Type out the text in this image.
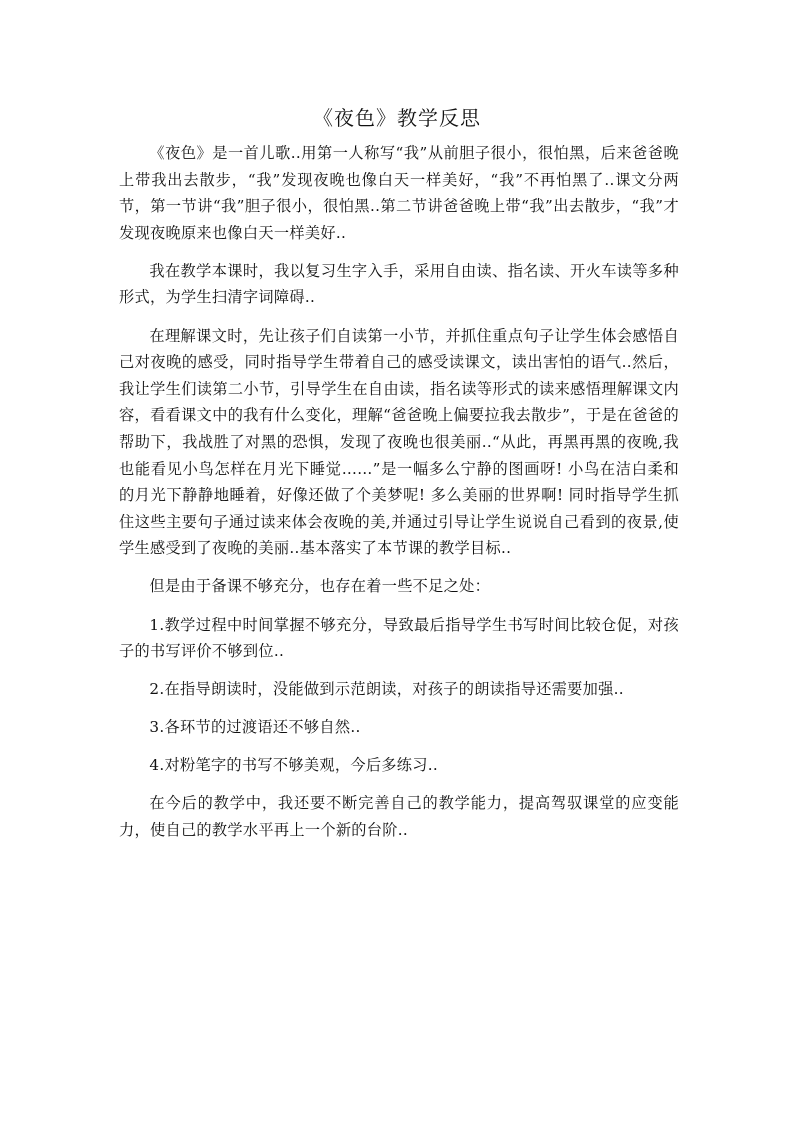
《夜色》教学反思

《夜色》是一首儿歌..用第一人称写“我”从前胆子很小，很怕黑，后来爸爸晚上带我出去散步，“我”发现夜晚也像白天一样美好，“我”不再怕黑了..课文分两节，第一节讲“我”胆子很小，很怕黑..第二节讲爸爸晚上带“我”出去散步，“我”才发现夜晚原来也像白天一样美好..

我在教学本课时，我以复习生字入手，采用自由读、指名读、开火车读等多种形式，为学生扫清字词障碍..

在理解课文时，先让孩子们自读第一小节，并抓住重点句子让学生体会感悟自己对夜晚的感受，同时指导学生带着自己的感受读课文，读出害怕的语气..然后，我让学生们读第二小节，引导学生在自由读，指名读等形式的读来感悟理解课文内容，看看课文中的我有什么变化，理解“爸爸晚上偏要拉我去散步”，于是在爸爸的帮助下，我战胜了对黑的恐惧，发现了夜晚也很美丽..“从此，再黑再黑的夜晚,我也能看见小鸟怎样在月光下睡觉……”是一幅多么宁静的图画呀! 小鸟在洁白柔和的月光下静静地睡着，好像还做了个美梦呢! 多么美丽的世界啊! 同时指导学生抓住这些主要句子通过读来体会夜晚的美,并通过引导让学生说说自己看到的夜景,使学生感受到了夜晚的美丽..基本落实了本节课的教学目标..

但是由于备课不够充分，也存在着一些不足之处：

1.教学过程中时间掌握不够充分，导致最后指导学生书写时间比较仓促，对孩子的书写评价不够到位..

2.在指导朗读时，没能做到示范朗读，对孩子的朗读指导还需要加强..

3.各环节的过渡语还不够自然..

4.对粉笔字的书写不够美观，今后多练习..

在今后的教学中，我还要不断完善自己的教学能力，提高驾驭课堂的应变能力，使自己的教学水平再上一个新的台阶..
